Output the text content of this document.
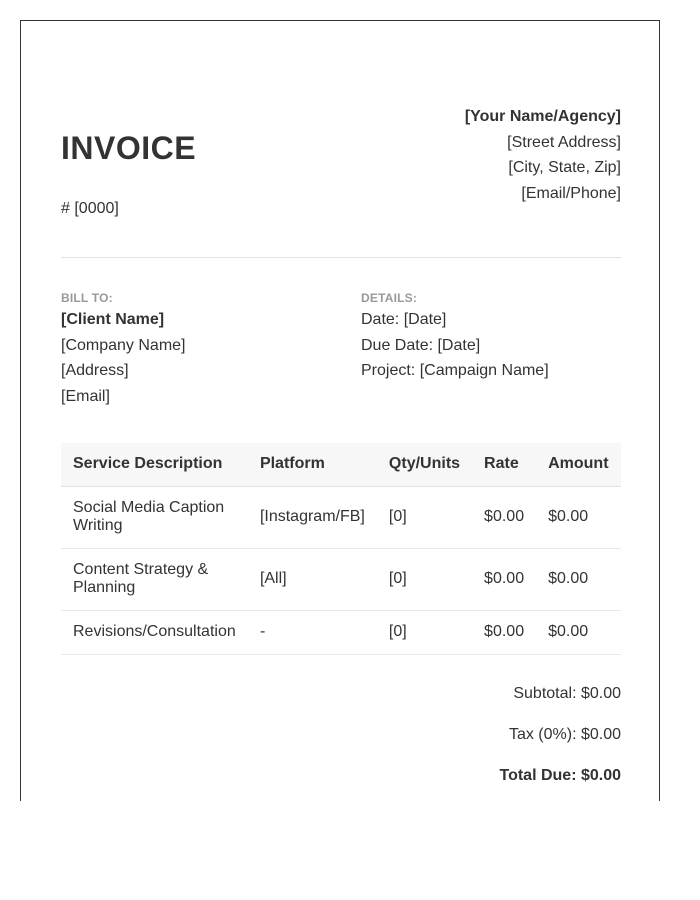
INVOICE
# [0000]
[Your Name/Agency]
[Street Address]
[City, State, Zip]
[Email/Phone]
BILL TO:
[Client Name]
[Company Name]
[Address]
[Email]
DETAILS:
Date: [Date]
Due Date: [Date]
Project: [Campaign Name]
Service Description	Platform	Qty/Units	Rate	Amount
Social Media Caption Writing	[Instagram/FB]	[0]	$0.00	$0.00
Content Strategy & Planning	[All]	[0]	$0.00	$0.00
Revisions/Consultation	-	[0]	$0.00	$0.00
Subtotal: $0.00
Tax (0%): $0.00
Total Due: $0.00
